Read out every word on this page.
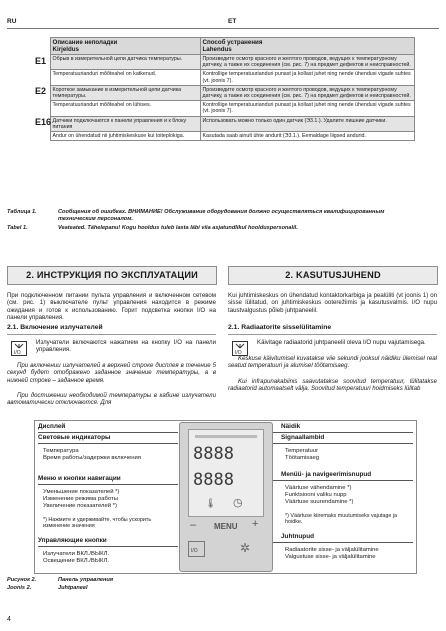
RU	ET
	Описание неполадки
Kirjeldus	Способ устранения
Lahendus
E1	Обрыв в измерительной цепи датчика температуры.	Произведите осмотр красного и желтого проводов, ведущих к температурному датчику, а также их соединения (см. рис. 7) на предмет дефектов и неисправностей.
	Temperatuurianduri mõõteahel on katkenud.	Kontrollige temperatuurianduri punast ja kollast juhet ning nende ühendusi vigade suhtes (vt. joonis 7).
E2	Короткое замыкание в измерительной цепи датчика температуры.	Произведите осмотр красного и желтого проводов, ведущих к температурному датчику, а также их соединения (см. рис. 7) на предмет дефектов и неисправностей.
	Temperatuurianduri mõõteahel on lühises.	Kontrollige temperatuurianduri punast ja kollast juhet ning nende ühendusi vigade suhtes (vt. joonis 7).
E16	Датчики подключаются к панели управления и к блоку питания	Использовать можно только один датчик (Э3.1.). Удалите лишние датчики.
	Andur on ühendatud nii juhtimiskeskuse kui toiteplokiga.	Kasutada saab ainult ühte andurit (Э3.1.). Eemaldage liigsed andurid.
Таблица 1.	Сообщения об ошибках. ВНИМАНИЕ! Обслуживание оборудования должно осуществляться квалифицированным техническим персоналом.
Tabel 1.	Veateated. Tähelepanu! Kogu hooldus tuleb lasta läbi viia asjatundlikul hoolduspersonalil.
2. ИНСТРУКЦИЯ ПО ЭКСПЛУАТАЦИИ	2. KASUTUSJUHEND
При подключенном питании пульта управления и включенном сетевом (см. рис. 1) выключателе пульт управления находится в режиме ожидания и готов к использованию. Горит подсветка кнопки I/O на панели управления.
2.1. Включение излучателей
I/O
Излучатели включаются нажатием на кнопку I/O на панели управления.
При включении излучателей в верхней строке дисплея в течение 5 секунд будет отображено заданное значение температуры, а в нижней строке – заданное время.
При достижении необходимой температуры в кабине излучатели автоматически отключаются. Для
Kui juhtimiskeskus on ühendatud kontaktorkarbiga ja pealüliti (vt joonis 1) on sisse lülitatud, on juhtimiskeskus ooterežiimis ja kasutusvalmis. I/O nupu taustvalgustus põleb juhtpaneelil.
2.1. Radiaatorite sisselülitamine
I/O
Käivitage radiaatorid juhtpaneelil oleva I/O nupu vajutamisega.
Keskuse käivitumisel kuvatakse viie sekundi jooksul näidiku ülemisel real seatud temperatuuri ja alumisel töötamisaeg.
Kui infrapunakabiinis saavutatakse soovitud temperatuur, lülitatakse radiaatorid automaatselt välja. Soovitud temperatuuri hoidmiseks lülitab
Дисплей
Световые индикаторы
Температура
Время работы/задержки включения
Меню и кнопки навигации
Уменьшение показателей *)
Изменение режима работы
Увеличение показателей *)
*) Нажмите и удерживайте, чтобы ускорить изменение значения
Управляющие кнопки
Излучатели ВКЛ./ВЫКЛ.
Освещение ВКЛ./ВЫКЛ.
8888
8888
🌡 ◷
– MENU +
I/O	✲
Näidik
Signaallambid
Temperatuur
Töötamisaeg
Menüü- ja navigeerimisnupud
Väärtuse vähendamine *)
Funktsiooni valiku nupp
Väärtuse suurendamine *)
*) Väärtuse kiiremaks muutumiseks vajutage ja hoidke.
Juhtnupud
Radiaatorite sisse- ja väljalülitamine
Valgustuse sisse- ja väljalülitamine
Рисунок 2.	Панель управления
Joonis 2.	Juhtpaneel
4
